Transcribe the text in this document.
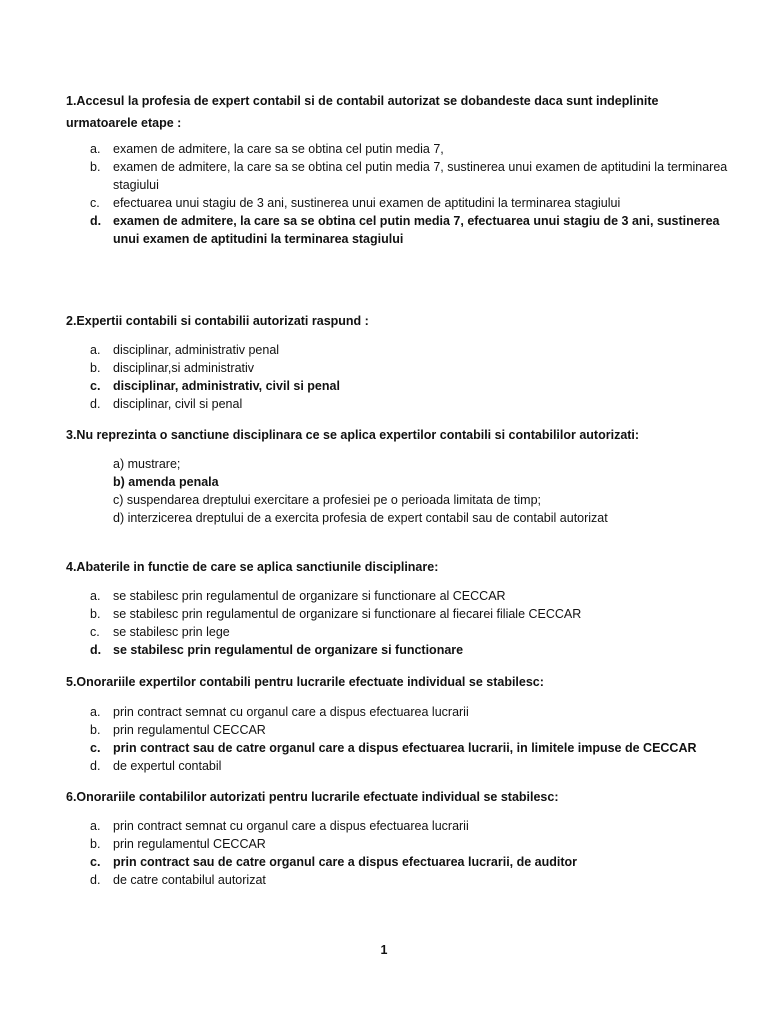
1.Accesul la profesia de expert contabil si de contabil autorizat se dobandeste daca sunt indeplinite urmatoarele etape :
a. examen de admitere, la care sa se obtina cel putin media 7,
b. examen de admitere, la care sa se obtina cel putin media 7, sustinerea unui examen de aptitudini la terminarea stagiului
c. efectuarea unui stagiu de 3 ani, sustinerea unui examen de aptitudini la terminarea stagiului
d. examen de admitere, la care sa se obtina cel putin media 7, efectuarea unui stagiu de 3 ani, sustinerea unui examen de aptitudini la terminarea stagiului
2.Expertii contabili si contabilii autorizati raspund :
a. disciplinar, administrativ penal
b. disciplinar,si administrativ
c. disciplinar, administrativ, civil si penal
d. disciplinar, civil si penal
3.Nu reprezinta o sanctiune disciplinara ce se aplica expertilor contabili si contabililor autorizati:
a) mustrare;
b) amenda penala
c) suspendarea dreptului exercitare a profesiei pe o perioada limitata de timp;
d) interzicerea dreptului de a exercita profesia de expert contabil sau de contabil autorizat
4.Abaterile in functie de care se aplica sanctiunile disciplinare:
a. se stabilesc prin regulamentul de organizare si functionare al CECCAR
b. se stabilesc prin regulamentul de organizare si functionare al fiecarei filiale CECCAR
c. se stabilesc prin lege
d. se stabilesc prin regulamentul de organizare si functionare
5.Onorariile expertilor contabili pentru lucrarile efectuate individual se stabilesc:
a. prin contract semnat cu organul care a dispus efectuarea lucrarii
b. prin regulamentul CECCAR
c. prin contract sau de catre organul care a dispus efectuarea lucrarii, in limitele impuse de CECCAR
d. de expertul contabil
6.Onorariile contabililor autorizati pentru lucrarile efectuate individual se stabilesc:
a. prin contract semnat cu organul care a dispus efectuarea lucrarii
b. prin regulamentul CECCAR
c. prin contract sau de catre organul care a dispus efectuarea lucrarii, de auditor
d. de catre contabilul autorizat
1
